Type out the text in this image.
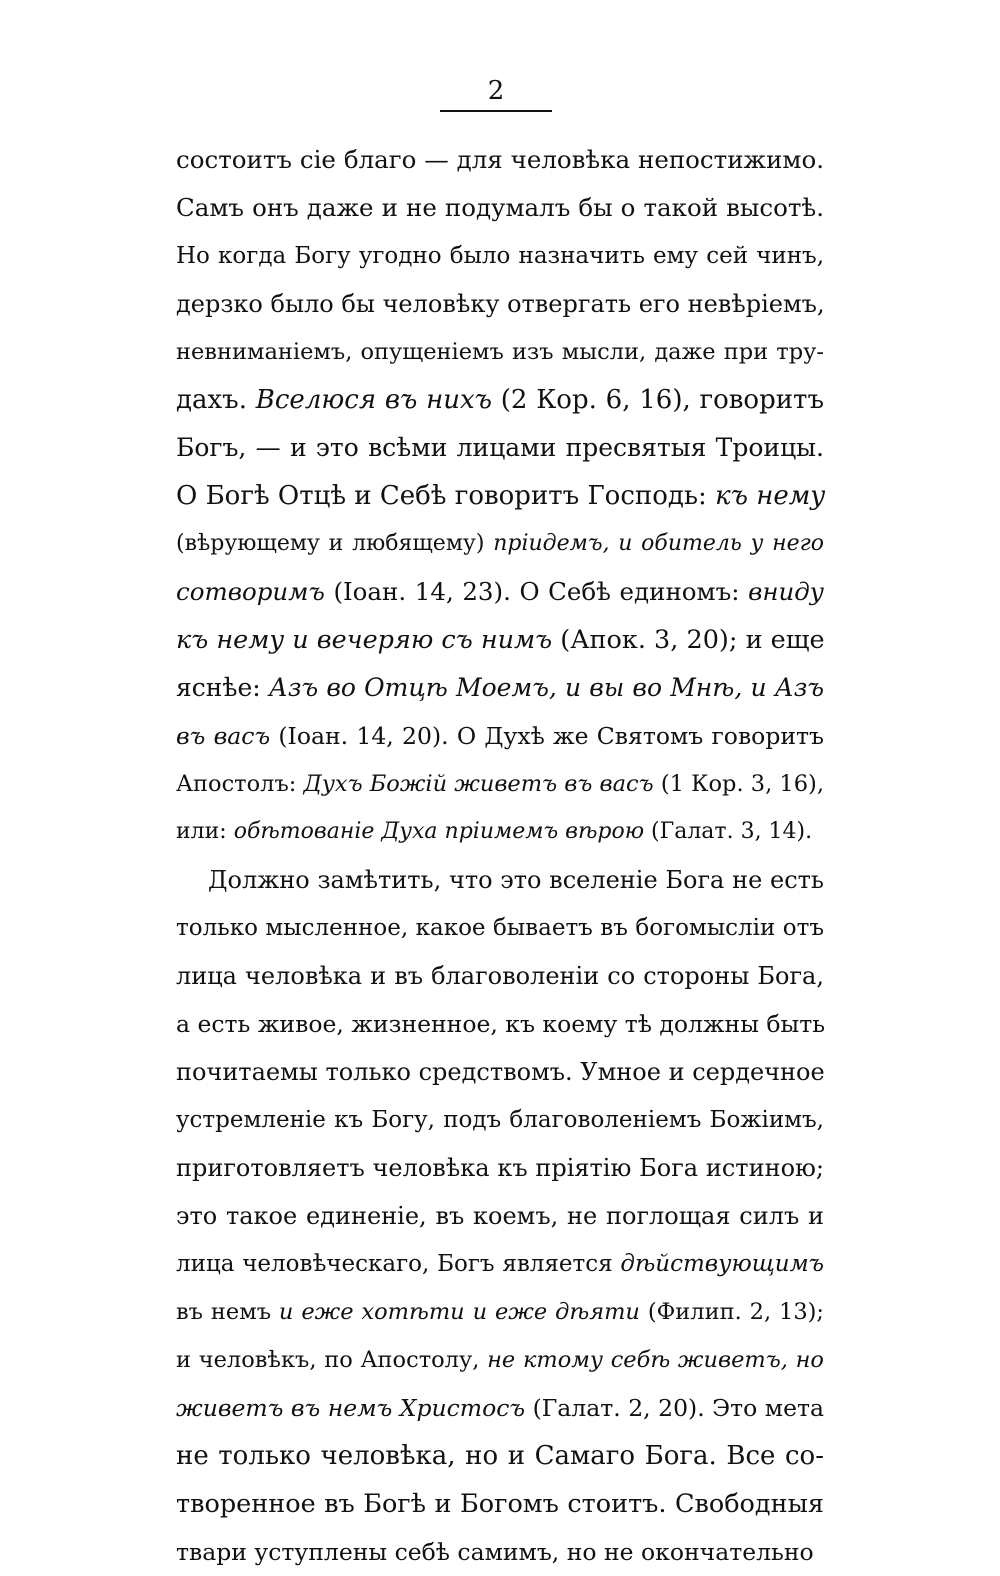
2
состоитъ сіе благо — для человѣка непостижимо.
Самъ онъ даже и не подумалъ бы о такой высотѣ.
Но когда Богу угодно было назначить ему сей чинъ,
дерзко было бы человѣку отвергать его невѣріемъ,
невниманіемъ, опущеніемъ изъ мысли, даже при тру-
дахъ. Вселюся въ нихъ (2 Кор. 6, 16), говоритъ
Богъ, — и это всѣми лицами пресвятыя Троицы.
О Богѣ Отцѣ и Себѣ говоритъ Господь: къ нему
(вѣрующему и любящему) пріидемъ, и обитель у него
сотворимъ (Іоан. 14, 23). О Себѣ единомъ: вниду
къ нему и вечеряю съ нимъ (Апок. 3, 20); и еще
яснѣе: Азъ во Отцѣ Моемъ, и вы во Мнѣ, и Азъ
въ васъ (Іоан. 14, 20). О Духѣ же Святомъ говоритъ
Апостолъ: Духъ Божій живетъ въ васъ (1 Кор. 3, 16),
или: обѣтованіе Духа пріимемъ вѣрою (Галат. 3, 14).
Должно замѣтить, что это вселеніе Бога не есть
только мысленное, какое бываетъ въ богомысліи отъ
лица человѣка и въ благоволеніи со стороны Бога,
а есть живое, жизненное, къ коему тѣ должны быть
почитаемы только средствомъ. Умное и сердечное
устремленіе къ Богу, подъ благоволеніемъ Божіимъ,
приготовляетъ человѣка къ пріятію Бога истиною;
это такое единеніе, въ коемъ, не поглощая силъ и
лица человѣческаго, Богъ является дѣйствующимъ
въ немъ и еже хотѣти и еже дѣяти (Филип. 2, 13);
и человѣкъ, по Апостолу, не ктому себѣ живетъ, но
живетъ въ немъ Христосъ (Галат. 2, 20). Это мета
не только человѣка, но и Самаго Бога. Все со-
творенное въ Богѣ и Богомъ стоитъ. Свободныя
твари уступлены себѣ самимъ, но не окончательно
